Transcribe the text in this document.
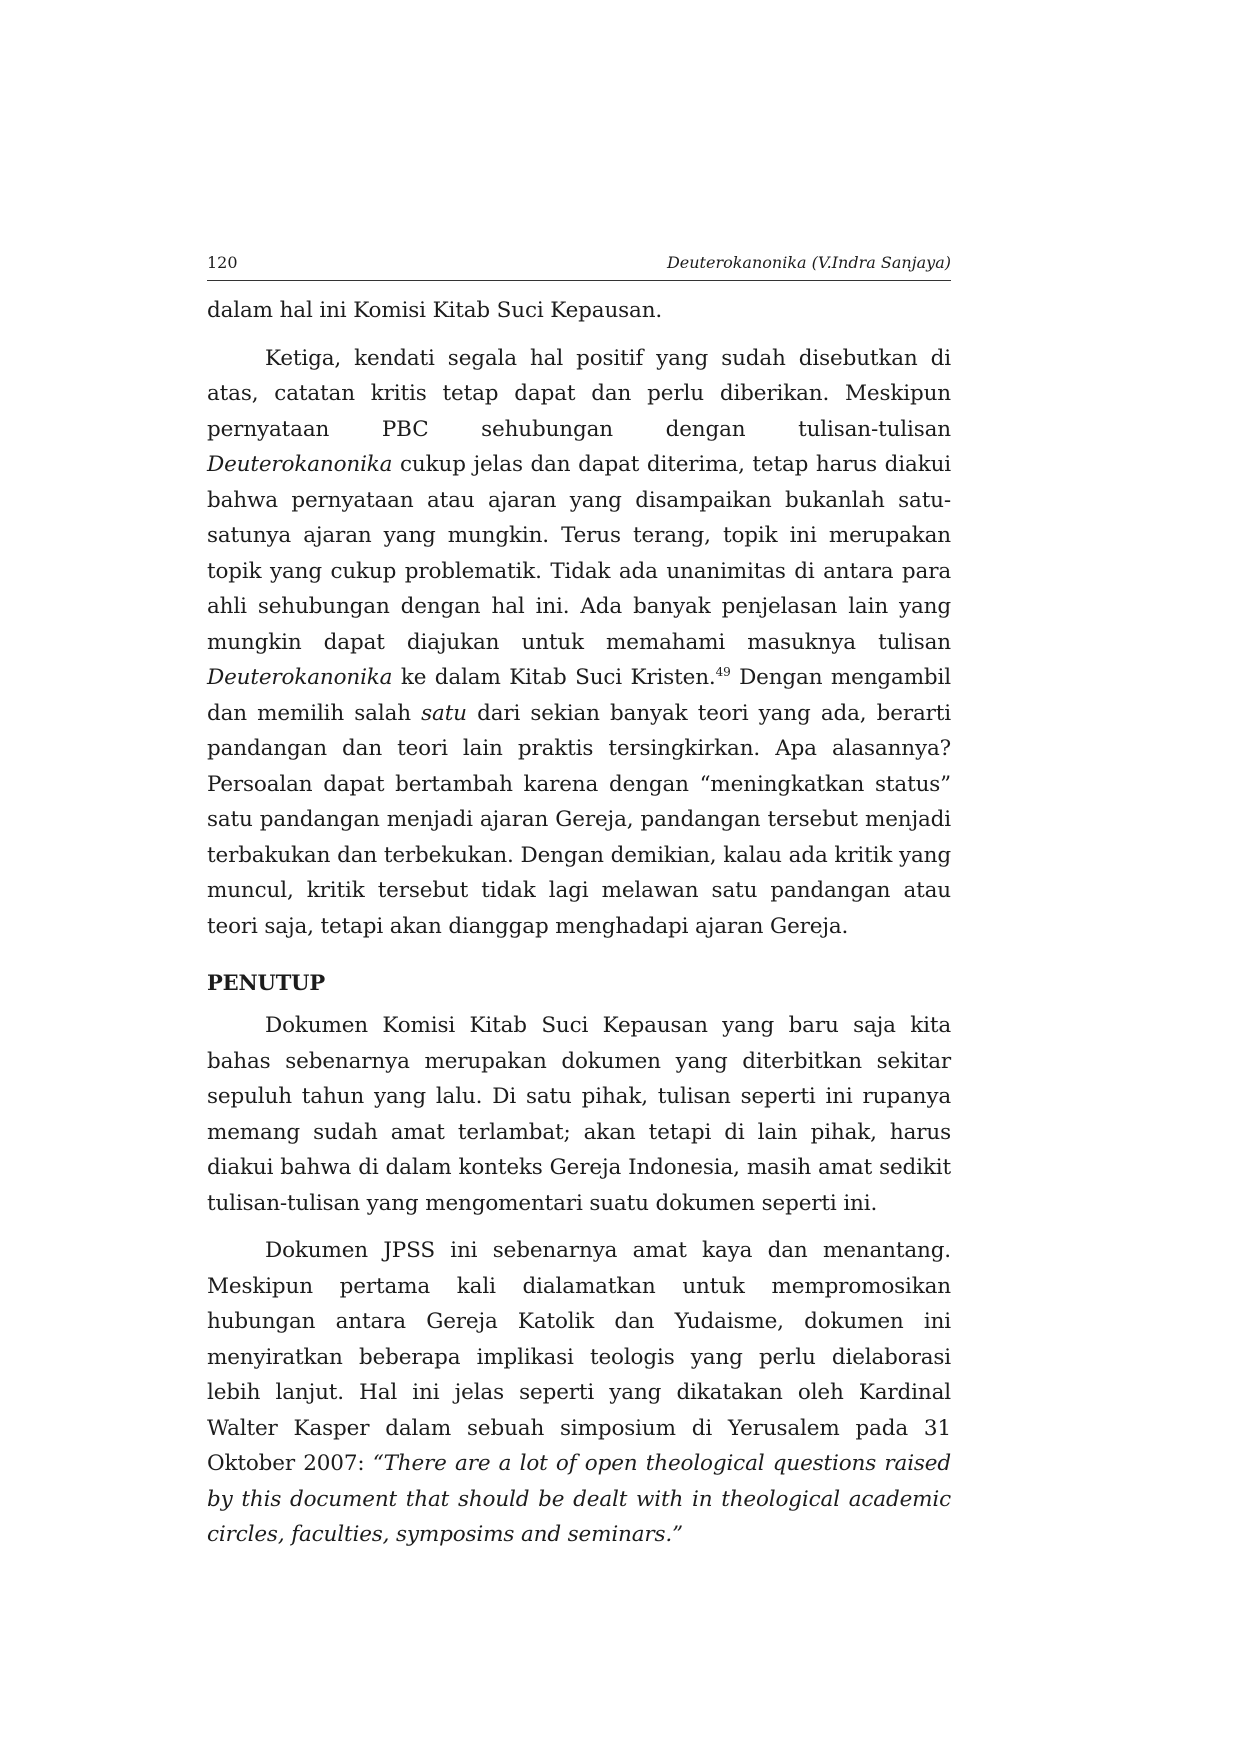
120	Deuterokanonika (V.Indra Sanjaya)

dalam hal ini Komisi Kitab Suci Kepausan.

Ketiga, kendati segala hal positif yang sudah disebutkan di atas, catatan kritis tetap dapat dan perlu diberikan. Meskipun pernyataan PBC sehubungan dengan tulisan-tulisan Deuterokanonika cukup jelas dan dapat diterima, tetap harus diakui bahwa pernyataan atau ajaran yang disampaikan bukanlah satu-satunya ajaran yang mungkin. Terus terang, topik ini merupakan topik yang cukup problematik. Tidak ada unanimitas di antara para ahli sehubungan dengan hal ini. Ada banyak penjelasan lain yang mungkin dapat diajukan untuk memahami masuknya tulisan Deuterokanonika ke dalam Kitab Suci Kristen.$^{49}$ Dengan mengambil dan memilih salah satu dari sekian banyak teori yang ada, berarti pandangan dan teori lain praktis tersingkirkan. Apa alasannya? Persoalan dapat bertambah karena dengan “meningkatkan status” satu pandangan menjadi ajaran Gereja, pandangan tersebut menjadi terbakukan dan terbekukan. Dengan demikian, kalau ada kritik yang muncul, kritik tersebut tidak lagi melawan satu pandangan atau teori saja, tetapi akan dianggap menghadapi ajaran Gereja.

PENUTUP

Dokumen Komisi Kitab Suci Kepausan yang baru saja kita bahas sebenarnya merupakan dokumen yang diterbitkan sekitar sepuluh tahun yang lalu. Di satu pihak, tulisan seperti ini rupanya memang sudah amat terlambat; akan tetapi di lain pihak, harus diakui bahwa di dalam konteks Gereja Indonesia, masih amat sedikit tulisan-tulisan yang mengomentari suatu dokumen seperti ini.

Dokumen JPSS ini sebenarnya amat kaya dan menantang. Meskipun pertama kali dialamatkan untuk mempromosikan hubungan antara Gereja Katolik dan Yudaisme, dokumen ini menyiratkan beberapa implikasi teologis yang perlu dielaborasi lebih lanjut. Hal ini jelas seperti yang dikatakan oleh Kardinal Walter Kasper dalam sebuah simposium di Yerusalem pada 31 Oktober 2007: “There are a lot of open theological questions raised by this document that should be dealt with in theological academic circles, faculties, symposims and seminars.”
